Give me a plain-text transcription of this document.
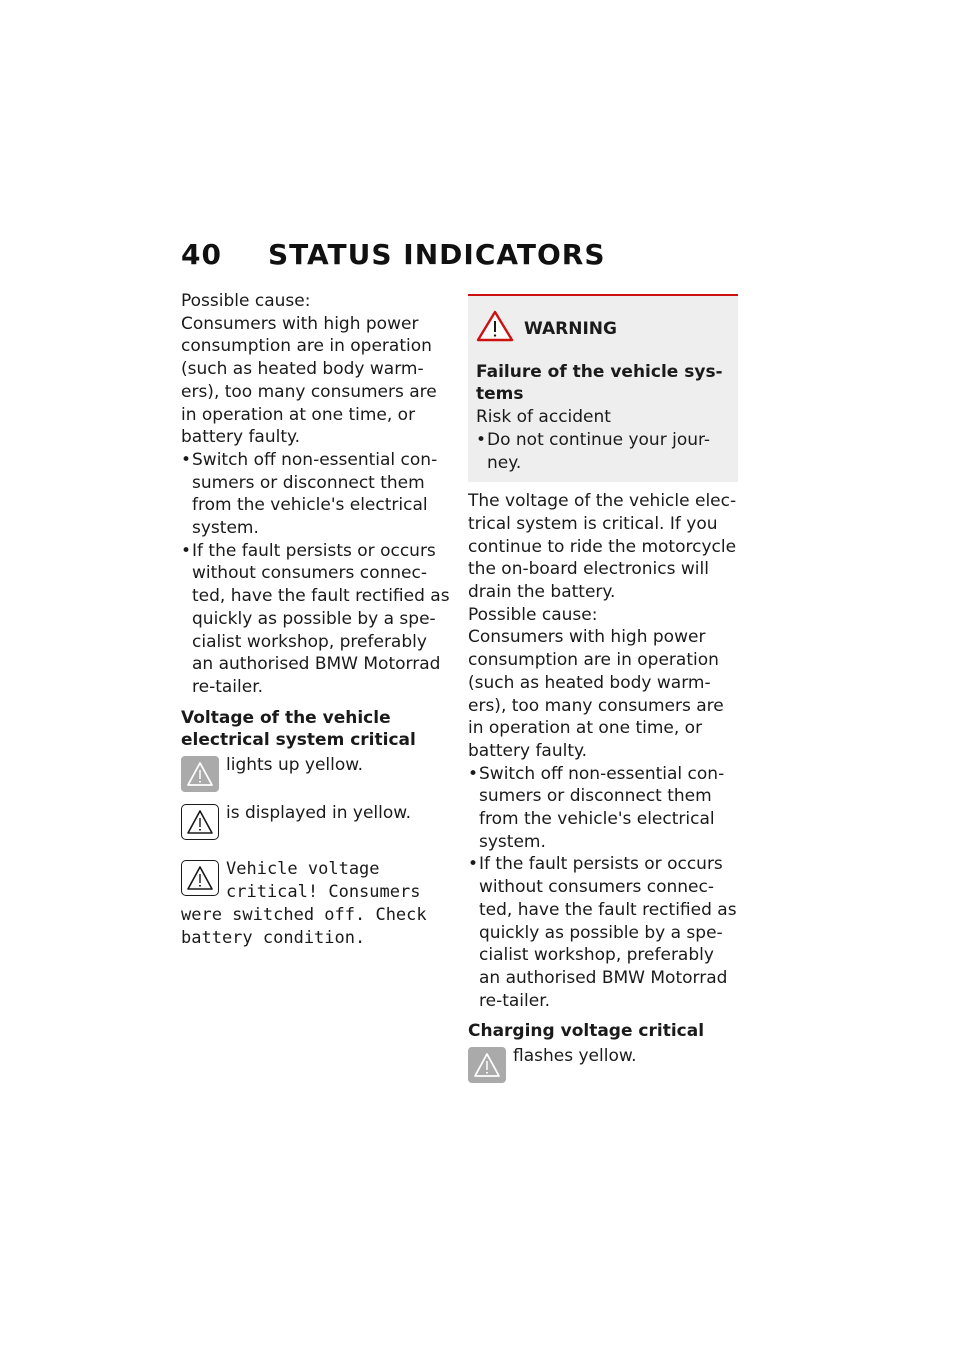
40 STATUS INDICATORS

Possible cause:

Consumers with high power consumption are in operation (such as heated body warm-ers), too many consumers are in operation at one time, or battery faulty.

• Switch off non-essential con-sumers or disconnect them from the vehicle's electrical system.
• If the fault persists or occurs without consumers connec-ted, have the fault rectified as quickly as possible by a spe-cialist workshop, preferably an authorised BMW Motorrad re-tailer.

Voltage of the vehicle electrical system critical

lights up yellow.

is displayed in yellow.

Vehicle voltage critical! Consumers were switched off. Check battery condition.
WARNING

Failure of the vehicle sys-tems

Risk of accident

• Do not continue your jour-ney.

The voltage of the vehicle elec-trical system is critical. If you continue to ride the motorcycle the on-board electronics will drain the battery.

Possible cause:

Consumers with high power consumption are in operation (such as heated body warm-ers), too many consumers are in operation at one time, or battery faulty.

• Switch off non-essential con-sumers or disconnect them from the vehicle's electrical system.
• If the fault persists or occurs without consumers connec-ted, have the fault rectified as quickly as possible by a spe-cialist workshop, preferably an authorised BMW Motorrad re-tailer.

Charging voltage critical

flashes yellow.
